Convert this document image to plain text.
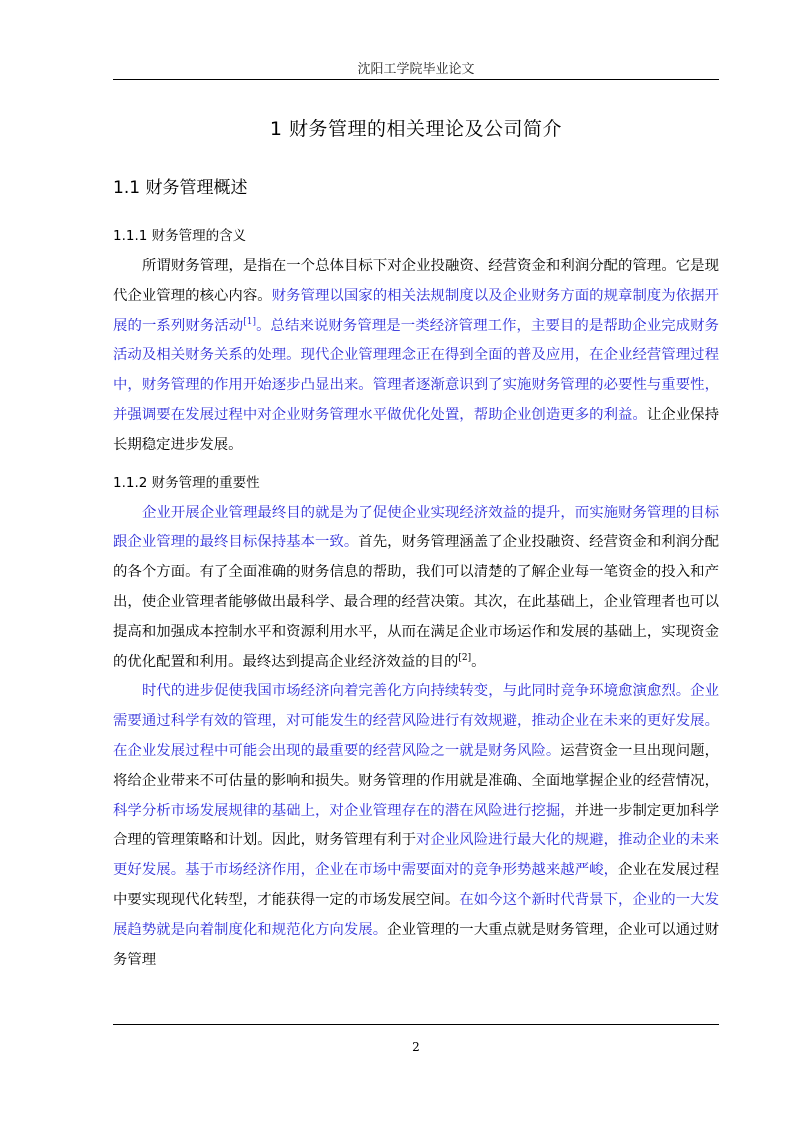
沈阳工学院毕业论文
1 财务管理的相关理论及公司简介
1.1 财务管理概述
1.1.1 财务管理的含义

所谓财务管理，是指在一个总体目标下对企业投融资、经营资金和利润分配的管理。它是现代企业管理的核心内容。财务管理以国家的相关法规制度以及企业财务方面的规章制度为依据开展的一系列财务活动[1]。总结来说财务管理是一类经济管理工作，主要目的是帮助企业完成财务活动及相关财务关系的处理。现代企业管理理念正在得到全面的普及应用，在企业经营管理过程中，财务管理的作用开始逐步凸显出来。管理者逐渐意识到了实施财务管理的必要性与重要性，并强调要在发展过程中对企业财务管理水平做优化处置，帮助企业创造更多的利益。让企业保持长期稳定进步发展。

1.1.2 财务管理的重要性

企业开展企业管理最终目的就是为了促使企业实现经济效益的提升，而实施财务管理的目标跟企业管理的最终目标保持基本一致。首先，财务管理涵盖了企业投融资、经营资金和利润分配的各个方面。有了全面准确的财务信息的帮助，我们可以清楚的了解企业每一笔资金的投入和产出，使企业管理者能够做出最科学、最合理的经营决策。其次，在此基础上，企业管理者也可以提高和加强成本控制水平和资源利用水平，从而在满足企业市场运作和发展的基础上，实现资金的优化配置和利用。最终达到提高企业经济效益的目的[2]。

时代的进步促使我国市场经济向着完善化方向持续转变，与此同时竞争环境愈演愈烈。企业需要通过科学有效的管理，对可能发生的经营风险进行有效规避，推动企业在未来的更好发展。在企业发展过程中可能会出现的最重要的经营风险之一就是财务风险。运营资金一旦出现问题，将给企业带来不可估量的影响和损失。财务管理的作用就是准确、全面地掌握企业的经营情况，科学分析市场发展规律的基础上，对企业管理存在的潜在风险进行挖掘，并进一步制定更加科学合理的管理策略和计划。因此，财务管理有利于对企业风险进行最大化的规避，推动企业的未来更好发展。基于市场经济作用，企业在市场中需要面对的竞争形势越来越严峻，企业在发展过程中要实现现代化转型，才能获得一定的市场发展空间。在如今这个新时代背景下，企业的一大发展趋势就是向着制度化和规范化方向发展。企业管理的一大重点就是财务管理，企业可以通过财务管理

2
